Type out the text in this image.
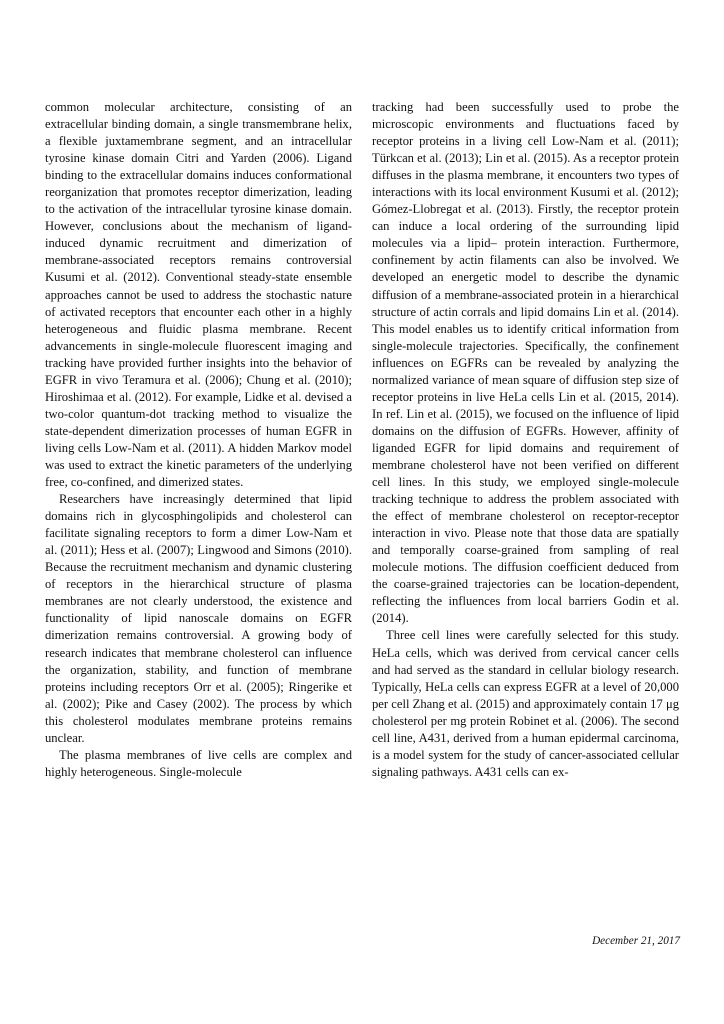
common molecular architecture, consisting of an extracellular binding domain, a single transmembrane helix, a flexible juxtamembrane segment, and an intracellular tyrosine kinase domain Citri and Yarden (2006). Ligand binding to the extracellular domains induces conformational reorganization that promotes receptor dimerization, leading to the activation of the intracellular tyrosine kinase domain. However, conclusions about the mechanism of ligand-induced dynamic recruitment and dimerization of membrane-associated receptors remains controversial Kusumi et al. (2012). Conventional steady-state ensemble approaches cannot be used to address the stochastic nature of activated receptors that encounter each other in a highly heterogeneous and fluidic plasma membrane. Recent advancements in single-molecule fluorescent imaging and tracking have provided further insights into the behavior of EGFR in vivo Teramura et al. (2006); Chung et al. (2010); Hiroshimaa et al. (2012). For example, Lidke et al. devised a two-color quantum-dot tracking method to visualize the state-dependent dimerization processes of human EGFR in living cells Low-Nam et al. (2011). A hidden Markov model was used to extract the kinetic parameters of the underlying free, co-confined, and dimerized states.

Researchers have increasingly determined that lipid domains rich in glycosphingolipids and cholesterol can facilitate signaling receptors to form a dimer Low-Nam et al. (2011); Hess et al. (2007); Lingwood and Simons (2010). Because the recruitment mechanism and dynamic clustering of receptors in the hierarchical structure of plasma membranes are not clearly understood, the existence and functionality of lipid nanoscale domains on EGFR dimerization remains controversial. A growing body of research indicates that membrane cholesterol can influence the organization, stability, and function of membrane proteins including receptors Orr et al. (2005); Ringerike et al. (2002); Pike and Casey (2002). The process by which this cholesterol modulates membrane proteins remains unclear.

The plasma membranes of live cells are complex and highly heterogeneous. Single-molecule

tracking had been successfully used to probe the microscopic environments and fluctuations faced by receptor proteins in a living cell Low-Nam et al. (2011); Türkcan et al. (2013); Lin et al. (2015). As a receptor protein diffuses in the plasma membrane, it encounters two types of interactions with its local environment Kusumi et al. (2012); Gómez-Llobregat et al. (2013). Firstly, the receptor protein can induce a local ordering of the surrounding lipid molecules via a lipid– protein interaction. Furthermore, confinement by actin filaments can also be involved. We developed an energetic model to describe the dynamic diffusion of a membrane-associated protein in a hierarchical structure of actin corrals and lipid domains Lin et al. (2014). This model enables us to identify critical information from single-molecule trajectories. Specifically, the confinement influences on EGFRs can be revealed by analyzing the normalized variance of mean square of diffusion step size of receptor proteins in live HeLa cells Lin et al. (2015, 2014). In ref. Lin et al. (2015), we focused on the influence of lipid domains on the diffusion of EGFRs. However, affinity of liganded EGFR for lipid domains and requirement of membrane cholesterol have not been verified on different cell lines. In this study, we employed single-molecule tracking technique to address the problem associated with the effect of membrane cholesterol on receptor-receptor interaction in vivo. Please note that those data are spatially and temporally coarse-grained from sampling of real molecule motions. The diffusion coefficient deduced from the coarse-grained trajectories can be location-dependent, reflecting the influences from local barriers Godin et al. (2014).

Three cell lines were carefully selected for this study. HeLa cells, which was derived from cervical cancer cells and had served as the standard in cellular biology research. Typically, HeLa cells can express EGFR at a level of 20,000 per cell Zhang et al. (2015) and approximately contain 17 μg cholesterol per mg protein Robinet et al. (2006). The second cell line, A431, derived from a human epidermal carcinoma, is a model system for the study of cancer-associated cellular signaling pathways. A431 cells can ex-

December 21, 2017
